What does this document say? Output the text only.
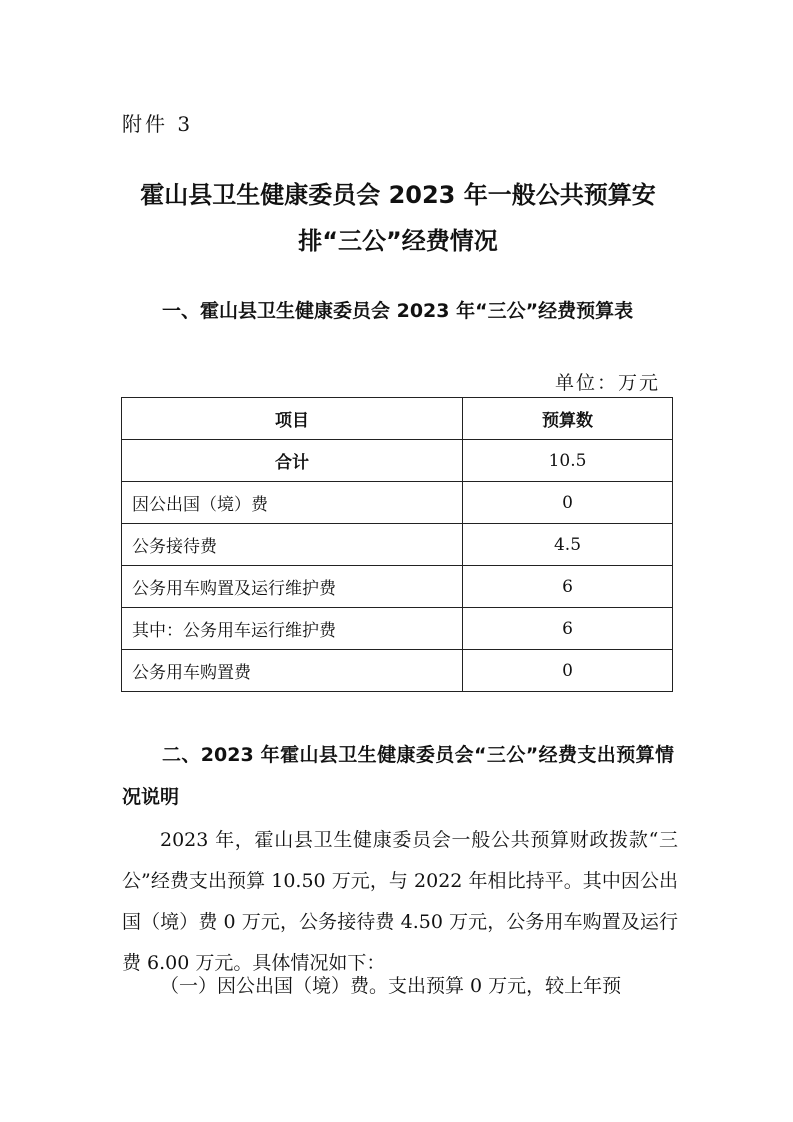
附件 3
霍山县卫生健康委员会 2023 年一般公共预算安排“三公”经费情况
一、霍山县卫生健康委员会 2023 年“三公”经费预算表
单位：万元
项目	预算数
合计	10.5
因公出国（境）费	0
公务接待费	4.5
公务用车购置及运行维护费	6
其中：公务用车运行维护费	6
公务用车购置费	0
二、2023 年霍山县卫生健康委员会“三公”经费支出预算情况说明

2023 年，霍山县卫生健康委员会一般公共预算财政拨款“三公”经费支出预算 10.50 万元，与 2022 年相比持平。其中因公出国（境）费 0 万元，公务接待费 4.50 万元，公务用车购置及运行费 6.00 万元。具体情况如下：

（一）因公出国（境）费。支出预算 0 万元，较上年预
